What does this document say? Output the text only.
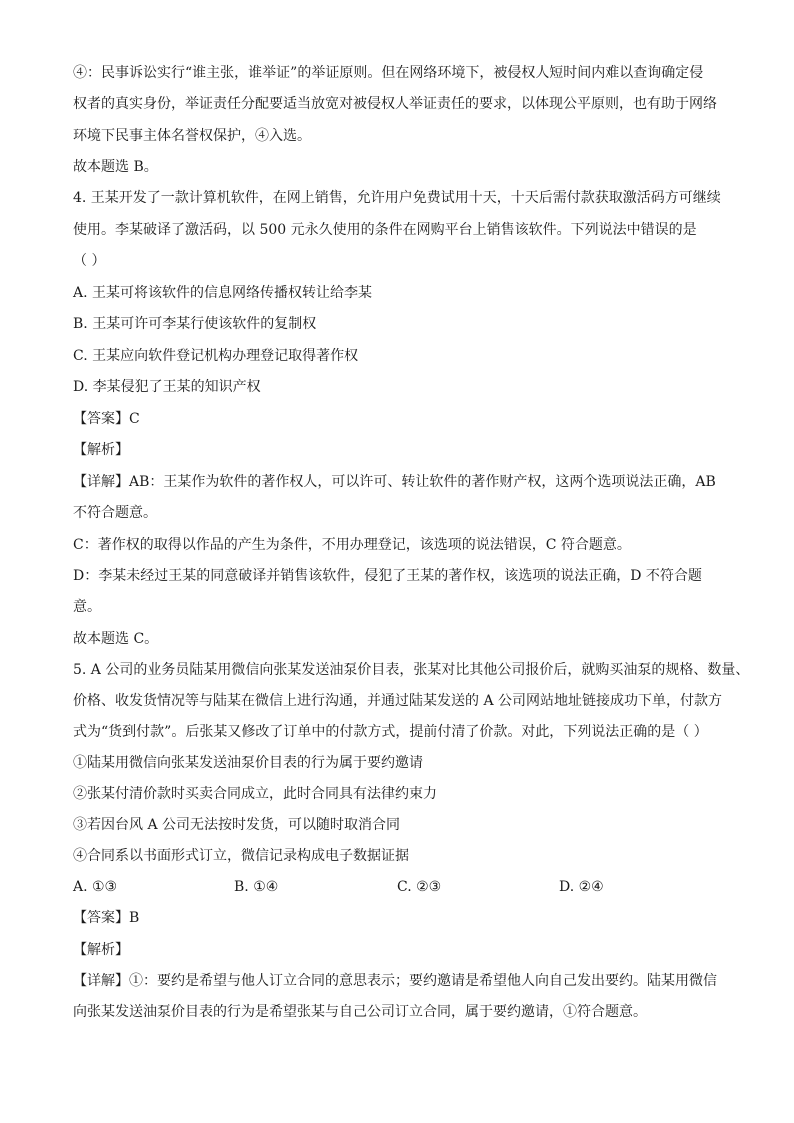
④：民事诉讼实行“谁主张，谁举证”的举证原则。但在网络环境下，被侵权人短时间内难以查询确定侵
权者的真实身份，举证责任分配要适当放宽对被侵权人举证责任的要求，以体现公平原则，也有助于网络
环境下民事主体名誉权保护，④入选。
故本题选 B。
4. 王某开发了一款计算机软件，在网上销售，允许用户免费试用十天，十天后需付款获取激活码方可继续
使用。李某破译了激活码，以 500 元永久使用的条件在网购平台上销售该软件。下列说法中错误的是
（ ）
A. 王某可将该软件的信息网络传播权转让给李某
B. 王某可许可李某行使该软件的复制权
C. 王某应向软件登记机构办理登记取得著作权
D. 李某侵犯了王某的知识产权
【答案】C
【解析】
【详解】AB：王某作为软件的著作权人，可以许可、转让软件的著作财产权，这两个选项说法正确，AB
不符合题意。
C：著作权的取得以作品的产生为条件，不用办理登记，该选项的说法错误，C 符合题意。
D：李某未经过王某的同意破译并销售该软件，侵犯了王某的著作权，该选项的说法正确，D 不符合题
意。
故本题选 C。
5. A 公司的业务员陆某用微信向张某发送油泵价目表，张某对比其他公司报价后，就购买油泵的规格、数量、
价格、收发货情况等与陆某在微信上进行沟通，并通过陆某发送的 A 公司网站地址链接成功下单，付款方
式为“货到付款”。后张某又修改了订单中的付款方式，提前付清了价款。对此，下列说法正确的是（ ）
①陆某用微信向张某发送油泵价目表的行为属于要约邀请
②张某付清价款时买卖合同成立，此时合同具有法律约束力
③若因台风 A 公司无法按时发货，可以随时取消合同
④合同系以书面形式订立，微信记录构成电子数据证据
A. ①③	B. ①④	C. ②③	D. ②④
【答案】B
【解析】
【详解】①：要约是希望与他人订立合同的意思表示；要约邀请是希望他人向自己发出要约。陆某用微信
向张某发送油泵价目表的行为是希望张某与自己公司订立合同，属于要约邀请，①符合题意。
